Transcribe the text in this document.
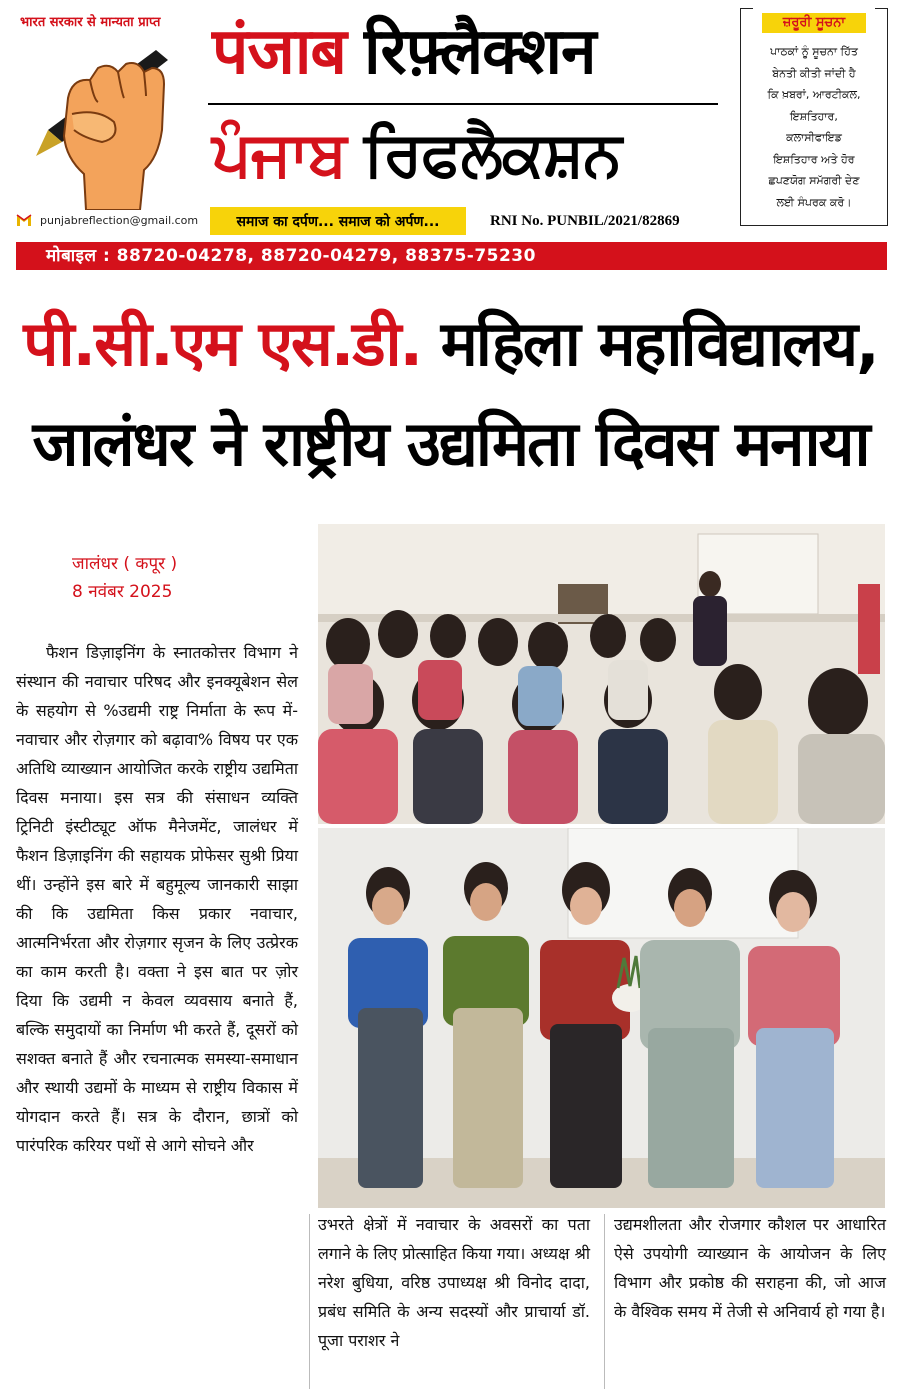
भारत सरकार से मान्यता प्राप्त
punjabreflection@gmail.com
पंजाब रिफ़्लैक्शन
ਪੰਜਾਬ ਰਿਫਲੈਕਸ਼ਨ
समाज का दर्पण... समाज को अर्पण...	RNI No. PUNBIL/2021/82869
ਜ਼ਰੂਰੀ ਸੂਚਨਾ
ਪਾਠਕਾਂ ਨੂੰ ਸੂਚਨਾ ਹਿੱਤ
ਬੇਨਤੀ ਕੀਤੀ ਜਾਂਦੀ ਹੈ
ਕਿ ਖ਼ਬਰਾਂ, ਆਰਟੀਕਲ,
ਇਸ਼ਤਿਹਾਰ,
ਕਲਾਸੀਫਾਇਡ
ਇਸ਼ਤਿਹਾਰ ਅਤੇ ਹੋਰ
ਛਪਣਯੋਗ ਸਮੱਗਰੀ ਦੇਣ
ਲਈ ਸੰਪਰਕ ਕਰੋ।
मोबाइल : 88720-04278, 88720-04279, 88375-75230
पी.सी.एम एस.डी. महिला महाविद्यालय,
जालंधर ने राष्ट्रीय उद्यमिता दिवस मनाया
जालंधर ( कपूर )
8 नवंबर 2025

फैशन डिज़ाइनिंग के स्नातकोत्तर विभाग ने संस्थान की नवाचार परिषद और इनक्यूबेशन सेल के सहयोग से %उद्यमी राष्ट्र निर्माता के रूप में- नवाचार और रोज़गार को बढ़ावा% विषय पर एक अतिथि व्याख्यान आयोजित करके राष्ट्रीय उद्यमिता दिवस मनाया। इस सत्र की संसाधन व्यक्ति ट्रिनिटी इंस्टीट्यूट ऑफ मैनेजमेंट, जालंधर में फैशन डिज़ाइनिंग की सहायक प्रोफेसर सुश्री प्रिया थीं। उन्होंने इस बारे में बहुमूल्य जानकारी साझा की कि उद्यमिता किस प्रकार नवाचार, आत्मनिर्भरता और रोज़गार सृजन के लिए उत्प्रेरक का काम करती है। वक्ता ने इस बात पर ज़ोर दिया कि उद्यमी न केवल व्यवसाय बनाते हैं, बल्कि समुदायों का निर्माण भी करते हैं, दूसरों को सशक्त बनाते हैं और रचनात्मक समस्या-समाधान और स्थायी उद्यमों के माध्यम से राष्ट्रीय विकास में योगदान करते हैं। सत्र के दौरान, छात्रों को पारंपरिक करियर पथों से आगे सोचने और

उभरते क्षेत्रों में नवाचार के अवसरों का पता लगाने के लिए प्रोत्साहित किया गया। अध्यक्ष श्री नरेश बुधिया, वरिष्ठ उपाध्यक्ष श्री विनोद दादा, प्रबंध समिति के अन्य सदस्यों और प्राचार्या डॉ. पूजा पराशर ने
उद्यमशीलता और रोजगार कौशल पर आधारित ऐसे उपयोगी व्याख्यान के आयोजन के लिए विभाग और प्रकोष्ठ की सराहना की, जो आज के वैश्विक समय में तेजी से अनिवार्य हो गया है।
